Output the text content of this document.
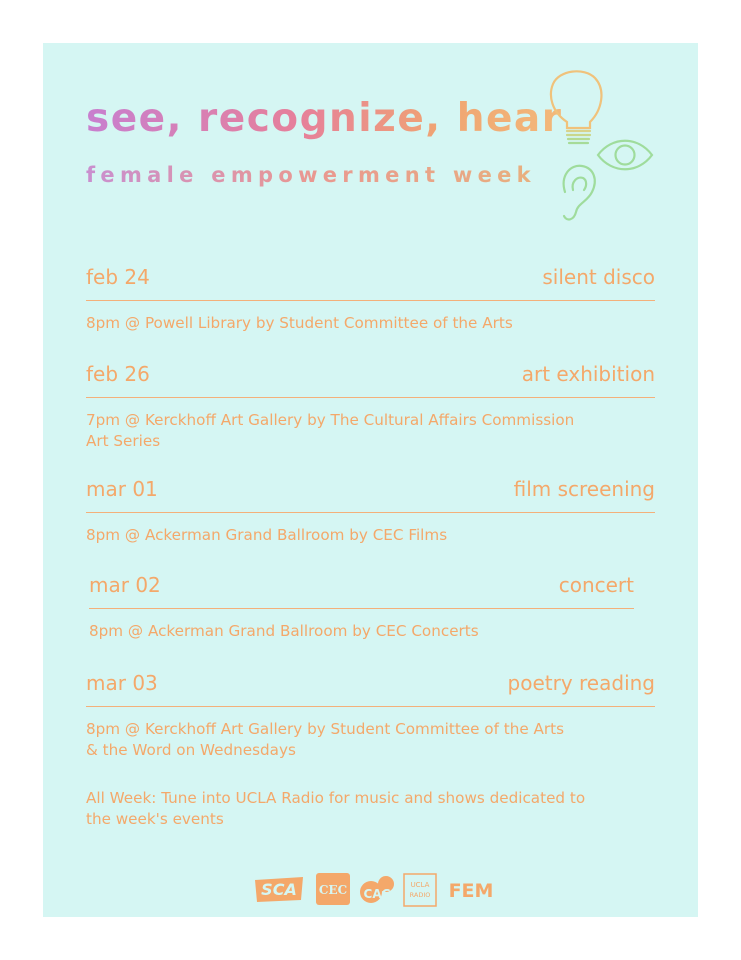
see, recognize, hear
female empowerment week
feb 24	silent disco
8pm @ Powell Library by Student Committee of the Arts
feb 26	art exhibition
7pm @ Kerckhoff Art Gallery by The Cultural Affairs Commission
Art Series
mar 01	film screening
8pm @ Ackerman Grand Ballroom by CEC Films
mar 02	concert
8pm @ Ackerman Grand Ballroom by CEC Concerts
mar 03	poetry reading
8pm @ Kerckhoff Art Gallery by Student Committee of the Arts
& the Word on Wednesdays
All Week: Tune into UCLA Radio for music and shows dedicated to
the week's events
SCA CEC CAC
UCLA
RADIO FEM
